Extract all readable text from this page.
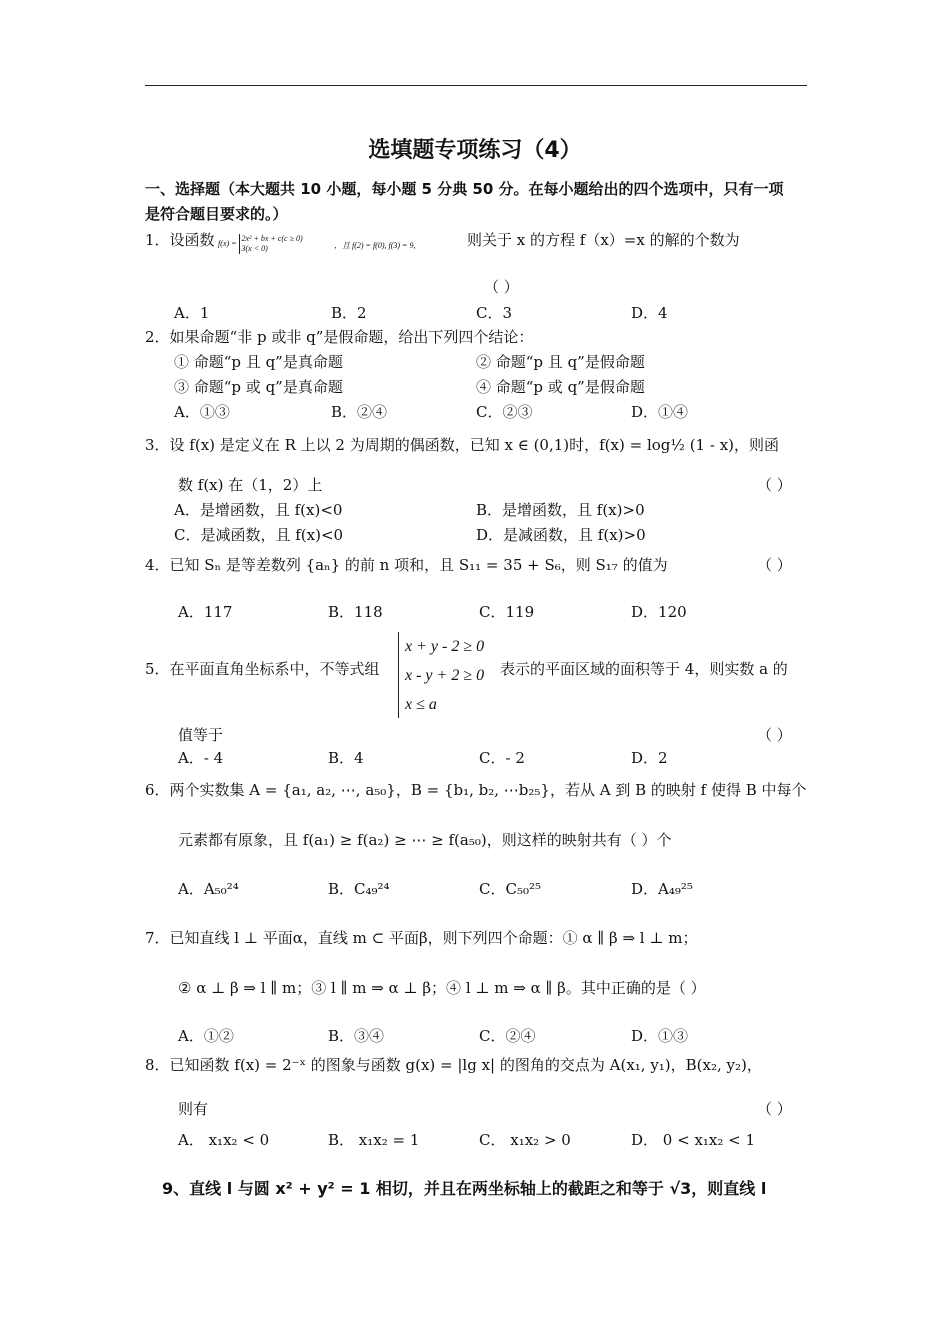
选填题专项练习（4）
一、选择题（本大题共 10 小题，每小题 5 分典 50 分。在每小题给出的四个选项中，只有一项
是符合题目要求的。）
1．设函数 f(x) =
2x² + bx + c(c ≥ 0)
3(x < 0)	，且 f(2) = f(0), f(3) = 9,	则关于 x 的方程 f（x）=x 的解的个数为
（ ）
A．1	B．2	C．3	D．4
2．如果命题“非 p 或非 q”是假命题，给出下列四个结论：
① 命题“p 且 q”是真命题	② 命题“p 且 q”是假命题
③ 命题“p 或 q”是真命题	④ 命题“p 或 q”是假命题
A．①③	B．②④	C．②③	D．①④
3．设 f(x) 是定义在 R 上以 2 为周期的偶函数，已知 x ∈ (0,1)时，f(x) = log½ (1 - x)，则函
数 f(x) 在（1，2）上	（ ）
A．是增函数，且 f(x)<0	B．是增函数，且 f(x)>0
C．是减函数，且 f(x)<0	D．是减函数，且 f(x)>0
4．已知 Sₙ 是等差数列 {aₙ} 的前 n 项和，且 S₁₁ = 35 + S₆，则 S₁₇ 的值为	（ ）
A．117	B．118	C．119	D．120
5．在平面直角坐标系中，不等式组
x + y - 2 ≥ 0
x - y + 2 ≥ 0
x ≤ a
表示的平面区域的面积等于 4，则实数 a 的
值等于	（ ）
A．- 4	B．4	C．- 2	D．2
6．两个实数集 A = {a₁, a₂, ⋯, a₅₀}，B = {b₁, b₂, ⋯b₂₅}，若从 A 到 B 的映射 f 使得 B 中每个
元素都有原象，且 f(a₁) ≥ f(a₂) ≥ ⋯ ≥ f(a₅₀)，则这样的映射共有（ ）个
A．A₅₀²⁴	B．C₄₉²⁴	C．C₅₀²⁵	D．A₄₉²⁵
7．已知直线 l ⊥ 平面α，直线 m ⊂ 平面β，则下列四个命题：① α ∥ β ⇒ l ⊥ m；
② α ⊥ β ⇒ l ∥ m；③ l ∥ m ⇒ α ⊥ β；④ l ⊥ m ⇒ α ∥ β。其中正确的是（ ）
A．①②	B．③④	C．②④	D．①③
8．已知函数 f(x) = 2⁻ˣ 的图象与函数 g(x) = |lg x| 的图角的交点为 A(x₁, y₁)，B(x₂, y₂)，
则有	（ ）
A． x₁x₂ < 0	B． x₁x₂ = 1	C． x₁x₂ > 0	D． 0 < x₁x₂ < 1
9、直线 l 与圆 x² + y² = 1 相切，并且在两坐标轴上的截距之和等于 √3，则直线 l
